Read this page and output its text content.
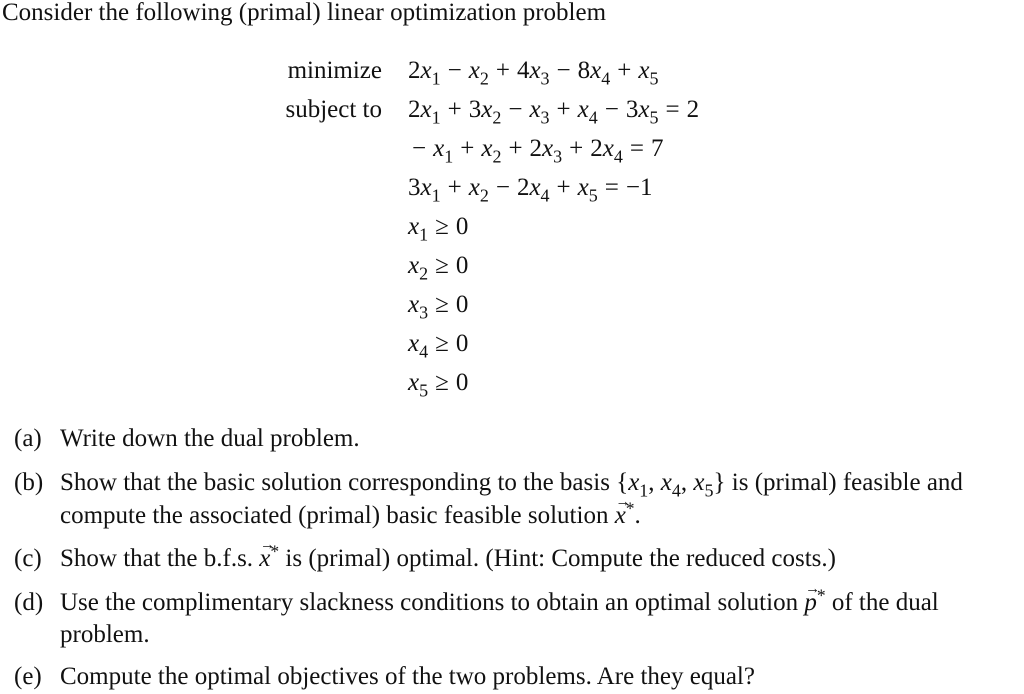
Consider the following (primal) linear optimization problem
minimize $2x_1 - x_2 + 4x_3 - 8x_4 + x_5$
subject to $2x_1 + 3x_2 - x_3 + x_4 - 3x_5 = 2$
− $x_1 + x_2 + 2x_3 + 2x_4 = 7$
$3x_1 + x_2 - 2x_4 + x_5 = -1$
$x_1 \ge 0$
$x_2 \ge 0$
$x_3 \ge 0$
$x_4 \ge 0$
$x_5 \ge 0$
(a) Write down the dual problem.
(b) Show that the basic solution corresponding to the basis {$x_1$, $x_4$, $x_5$} is (primal) feasible and
compute the associated (primal) basic feasible solution → x*.
(c) Show that the b.f.s. → x* is (primal) optimal. (Hint: Compute the reduced costs.)
(d) Use the complimentary slackness conditions to obtain an optimal solution → p* of the dual
problem.
(e) Compute the optimal objectives of the two problems. Are they equal?
